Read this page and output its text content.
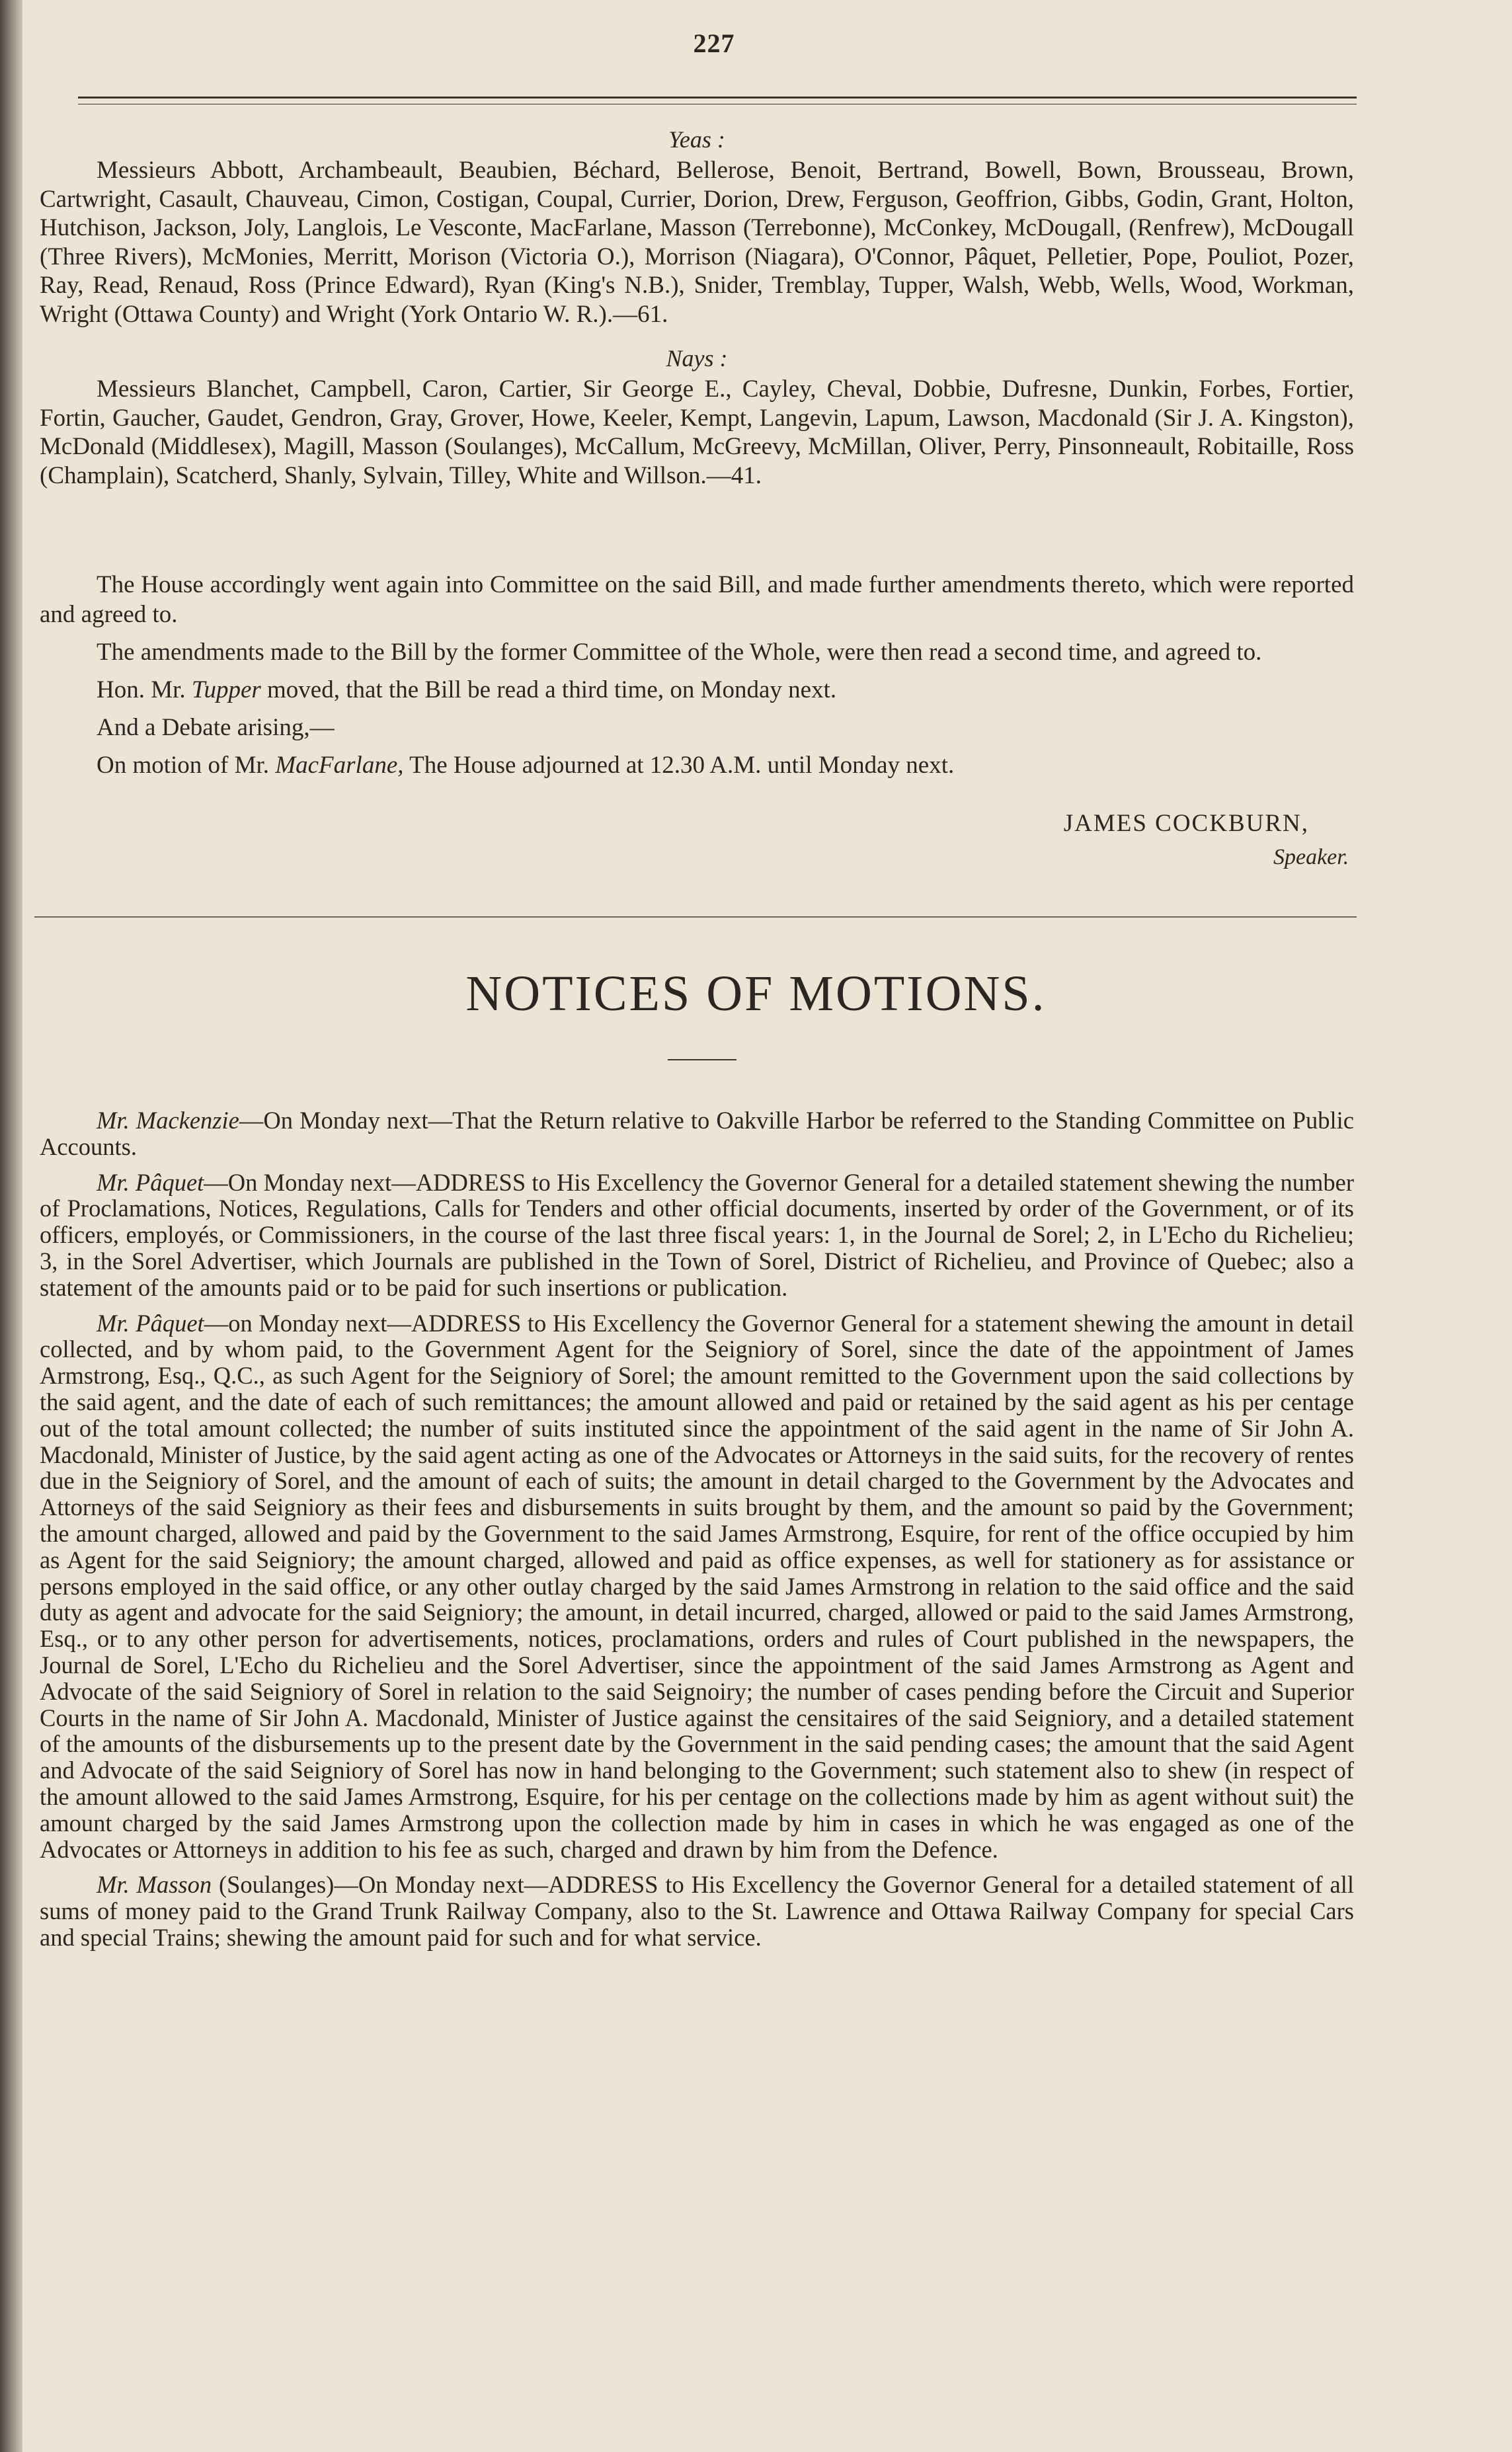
227

Yeas :

Messieurs Abbott, Archambeault, Beaubien, Béchard, Bellerose, Benoit, Bertrand, Bowell, Bown, Brousseau, Brown, Cartwright, Casault, Chauveau, Cimon, Costigan, Coupal, Currier, Dorion, Drew, Ferguson, Geoffrion, Gibbs, Godin, Grant, Holton, Hutchison, Jackson, Joly, Langlois, Le Vesconte, MacFarlane, Masson (Terrebonne), McConkey, McDougall, (Renfrew), McDougall (Three Rivers), McMonies, Merritt, Morison (Victoria O.), Morrison (Niagara), O'Connor, Pâquet, Pelletier, Pope, Pouliot, Pozer, Ray, Read, Renaud, Ross (Prince Edward), Ryan (King's N.B.), Snider, Tremblay, Tupper, Walsh, Webb, Wells, Wood, Workman, Wright (Ottawa County) and Wright (York Ontario W. R.).—61.

Nays :

Messieurs Blanchet, Campbell, Caron, Cartier, Sir George E., Cayley, Cheval, Dobbie, Dufresne, Dunkin, Forbes, Fortier, Fortin, Gaucher, Gaudet, Gendron, Gray, Grover, Howe, Keeler, Kempt, Langevin, Lapum, Lawson, Macdonald (Sir J. A. Kingston), McDonald (Middlesex), Magill, Masson (Soulanges), McCallum, McGreevy, McMillan, Oliver, Perry, Pinsonneault, Robitaille, Ross (Champlain), Scatcherd, Shanly, Sylvain, Tilley, White and Willson.—41.

The House accordingly went again into Committee on the said Bill, and made further amendments thereto, which were reported and agreed to.

The amendments made to the Bill by the former Committee of the Whole, were then read a second time, and agreed to.

Hon. Mr. Tupper moved, that the Bill be read a third time, on Monday next.

And a Debate arising,—

On motion of Mr. MacFarlane, The House adjourned at 12.30 A.M. until Monday next.

JAMES COCKBURN,
Speaker.
NOTICES OF MOTIONS.

Mr. Mackenzie—On Monday next—That the Return relative to Oakville Harbor be referred to the Standing Committee on Public Accounts.

Mr. Pâquet—On Monday next—ADDRESS to His Excellency the Governor General for a detailed statement shewing the number of Proclamations, Notices, Regulations, Calls for Tenders and other official documents, inserted by order of the Government, or of its officers, employés, or Commissioners, in the course of the last three fiscal years: 1, in the Journal de Sorel; 2, in L'Echo du Richelieu; 3, in the Sorel Advertiser, which Journals are published in the Town of Sorel, District of Richelieu, and Province of Quebec; also a statement of the amounts paid or to be paid for such insertions or publication.

Mr. Pâquet—on Monday next—ADDRESS to His Excellency the Governor General for a statement shewing the amount in detail collected, and by whom paid, to the Government Agent for the Seigniory of Sorel, since the date of the appointment of James Armstrong, Esq., Q.C., as such Agent for the Seigniory of Sorel; the amount remitted to the Government upon the said collections by the said agent, and the date of each of such remittances; the amount allowed and paid or retained by the said agent as his per centage out of the total amount collected; the number of suits instituted since the appointment of the said agent in the name of Sir John A. Macdonald, Minister of Justice, by the said agent acting as one of the Advocates or Attorneys in the said suits, for the recovery of rentes due in the Seigniory of Sorel, and the amount of each of suits; the amount in detail charged to the Government by the Advocates and Attorneys of the said Seigniory as their fees and disbursements in suits brought by them, and the amount so paid by the Government; the amount charged, allowed and paid by the Government to the said James Armstrong, Esquire, for rent of the office occupied by him as Agent for the said Seigniory; the amount charged, allowed and paid as office expenses, as well for stationery as for assistance or persons employed in the said office, or any other outlay charged by the said James Armstrong in relation to the said office and the said duty as agent and advocate for the said Seigniory; the amount, in detail incurred, charged, allowed or paid to the said James Armstrong, Esq., or to any other person for advertisements, notices, proclamations, orders and rules of Court published in the newspapers, the Journal de Sorel, L'Echo du Richelieu and the Sorel Advertiser, since the appointment of the said James Armstrong as Agent and Advocate of the said Seigniory of Sorel in relation to the said Seignoiry; the number of cases pending before the Circuit and Superior Courts in the name of Sir John A. Macdonald, Minister of Justice against the censitaires of the said Seigniory, and a detailed statement of the amounts of the disbursements up to the present date by the Government in the said pending cases; the amount that the said Agent and Advocate of the said Seigniory of Sorel has now in hand belonging to the Government; such statement also to shew (in respect of the amount allowed to the said James Armstrong, Esquire, for his per centage on the collections made by him as agent without suit) the amount charged by the said James Armstrong upon the collection made by him in cases in which he was engaged as one of the Advocates or Attorneys in addition to his fee as such, charged and drawn by him from the Defence.

Mr. Masson (Soulanges)—On Monday next—ADDRESS to His Excellency the Governor General for a detailed statement of all sums of money paid to the Grand Trunk Railway Company, also to the St. Lawrence and Ottawa Railway Company for special Cars and special Trains; shewing the amount paid for such and for what service.
